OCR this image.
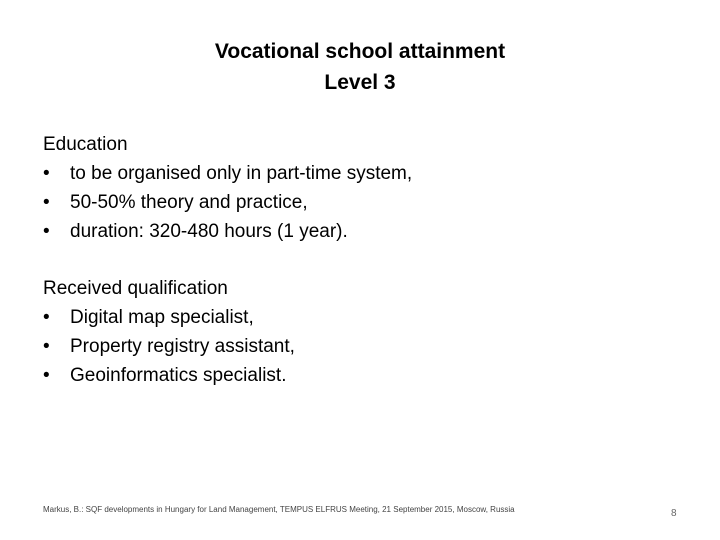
Vocational school attainment
Level 3
Education
•	to be organised only in part-time system,
•	50-50% theory and practice,
•	duration: 320-480 hours (1 year).
Received qualification
•	Digital map specialist,
•	Property registry assistant,
•	Geoinformatics specialist.
Markus, B.: SQF developments in Hungary for Land Management, TEMPUS ELFRUS Meeting, 21 September 2015, Moscow, Russia	8
